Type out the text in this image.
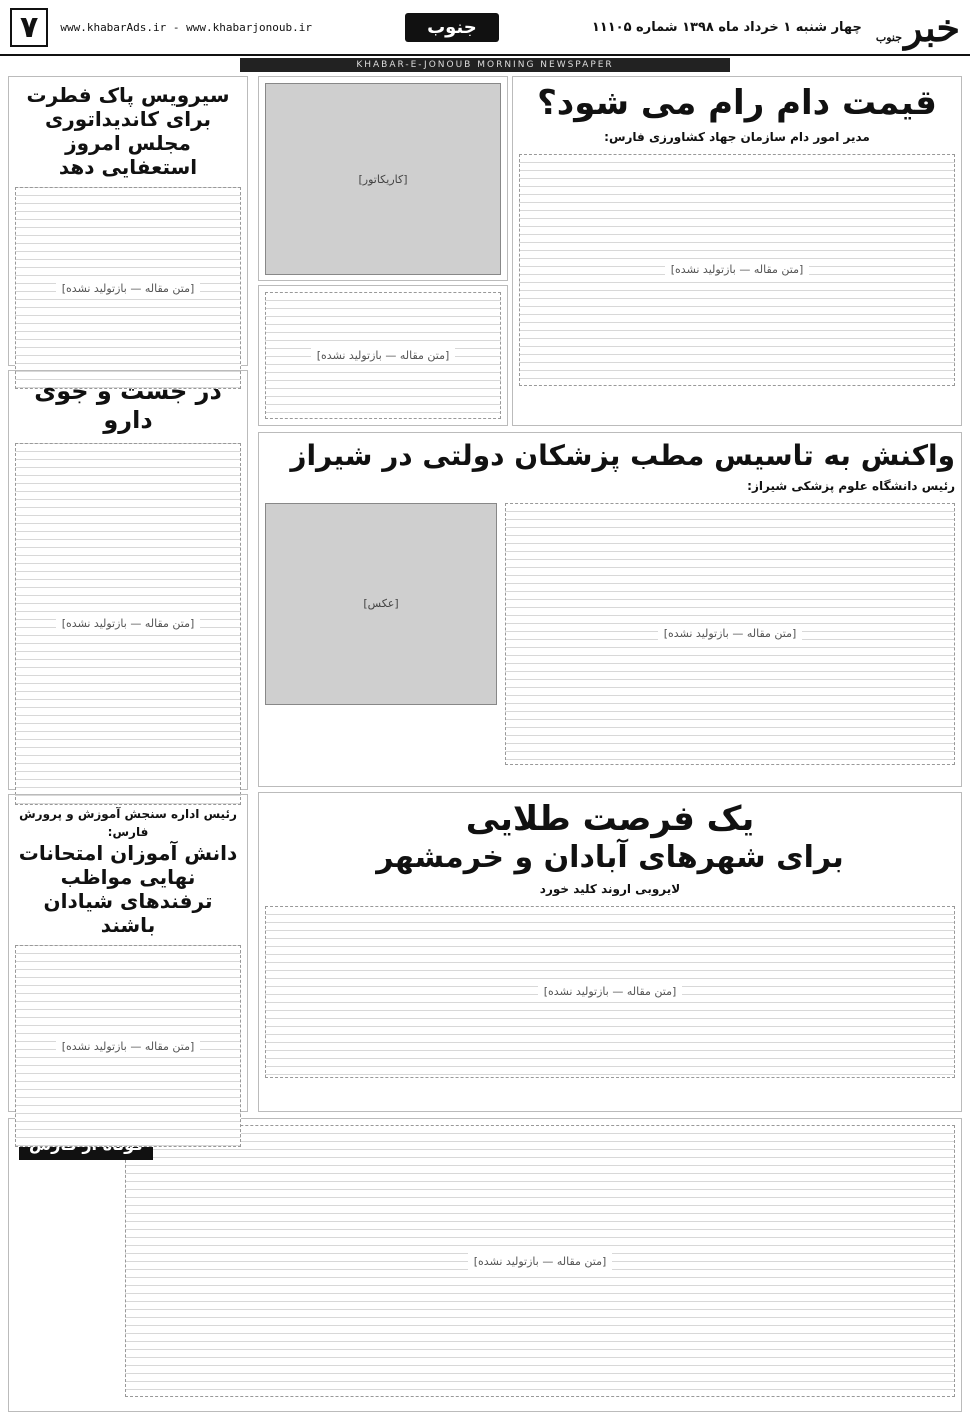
خبرجنوب
چهار شنبه ۱ خرداد ماه ۱۳۹۸ شماره ۱۱۱۰۵
جنوب
www.khabarAds.ir - www.khabarjonoub.ir
۷
KHABAR-E-JONOUB MORNING NEWSPAPER
قیمت دام رام می شود؟
مدیر امور دام سازمان جهاد کشاورزی فارس:
[متن مقاله — بازتولید نشده]
[کاریکاتور]
[متن مقاله — بازتولید نشده]
واکنش به تاسیس مطب پزشکان دولتی در شیراز
رئیس دانشگاه علوم پزشکی شیراز:
[متن مقاله — بازتولید نشده]
[عکس]
یک فرصت طلایی
برای شهرهای آبادان و خرمشهر
لایروبی اروند کلید خورد
[متن مقاله — بازتولید نشده]
[متن مقاله — بازتولید نشده]
سیرویس پاک فطرت برای کاندیداتوری مجلس امروز استعفایی دهد
[متن مقاله — بازتولید نشده]
در جست و جوی دارو
[متن مقاله — بازتولید نشده]
رئیس اداره سنجش آموزش و پرورش فارس:
دانش آموزان امتحانات نهایی مواظب ترفندهای شیادان باشند
[متن مقاله — بازتولید نشده]
